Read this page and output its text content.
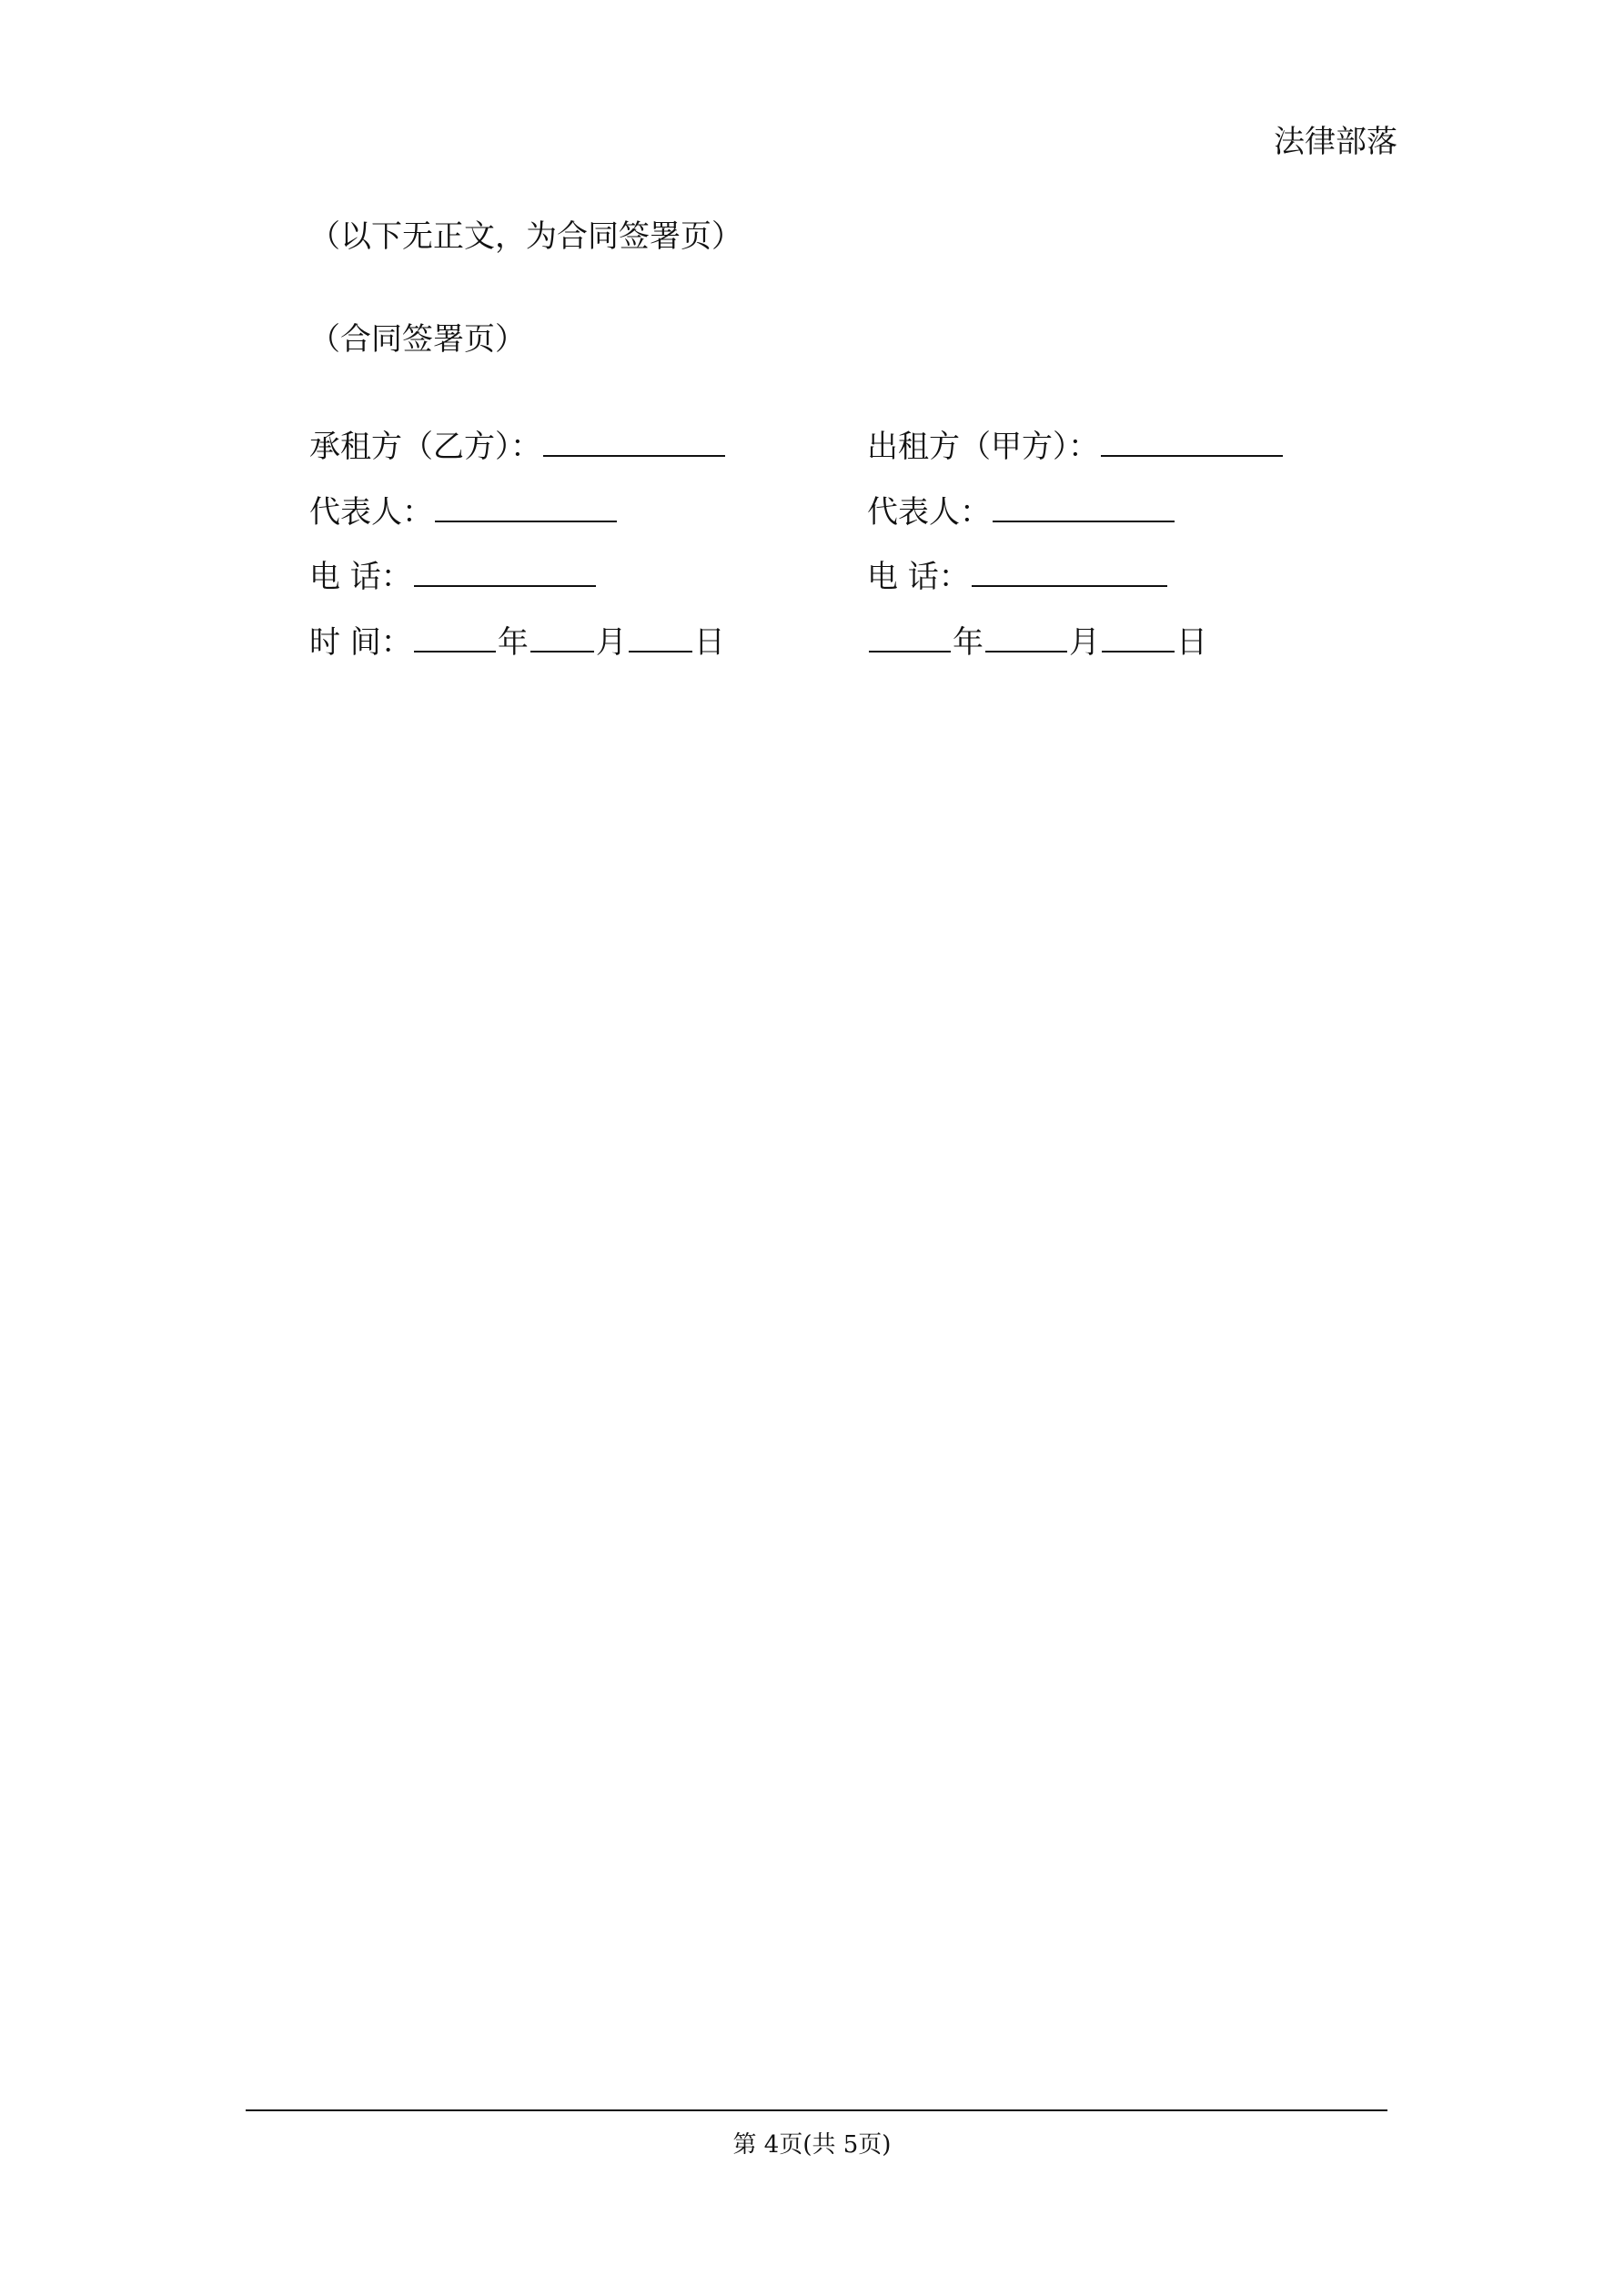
法律部落
（以下无正文，为合同签署页）
（合同签署页）
承租方（乙方）：
代表人：
电 话：
时 间：	年 月 日
出租方（甲方）：
代表人：
电 话：
年	月 日
第 4页(共 5页)
